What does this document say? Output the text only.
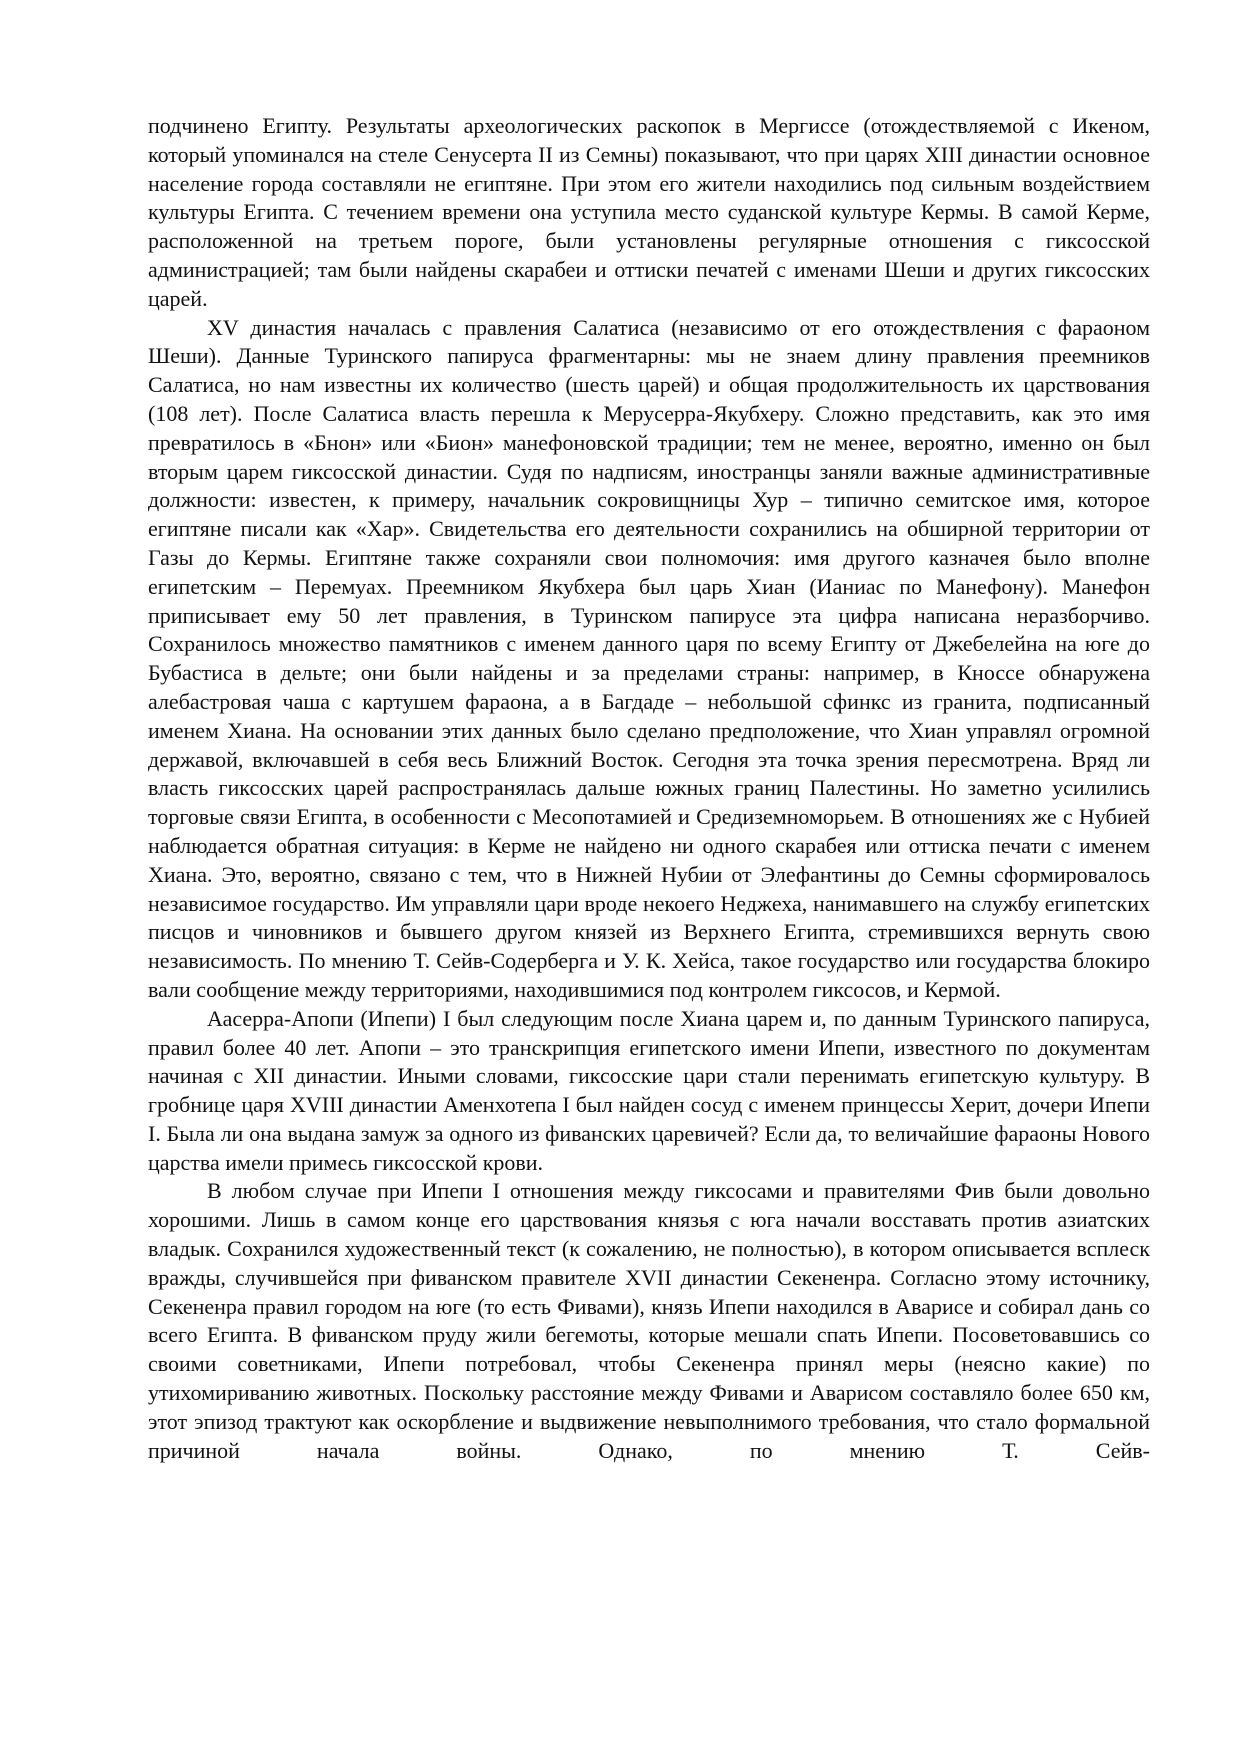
подчинено Египту. Результаты археологических раскопок в Мергиссе (отождествляемой с Икеном, который упоминался на стеле Сенусерта II из Семны) показывают, что при царях XIII династии основное население города составляли не египтяне. При этом его жители находились под сильным воздействием культуры Египта. С течением времени она уступила место суданской культуре Кермы. В самой Керме, расположенной на третьем пороге, были установлены регулярные отношения с гиксосской администрацией; там были найдены скарабеи и оттиски печатей с именами Шеши и других гиксосских царей.

XV династия началась с правления Салатиса (независимо от его отождествления с фараоном Шеши). Данные Туринского папируса фрагментарны: мы не знаем длину правления преемников Салатиса, но нам известны их количество (шесть царей) и общая продолжительность их царствования (108 лет). После Салатиса власть перешла к Мерусерра-Якубхеру. Сложно представить, как это имя превратилось в «Бнон» или «Бион» манефоновской традиции; тем не менее, вероятно, именно он был вторым царем гиксосской династии. Судя по надписям, иностранцы заняли важные административные должности: известен, к примеру, начальник сокровищницы Хур – типично семитское имя, которое египтяне писали как «Хар». Свидетельства его деятельности сохранились на обширной территории от Газы до Кермы. Египтяне также сохраняли свои полномочия: имя другого казначея было вполне египетским – Перемуах. Преемником Якубхера был царь Хиан (Ианиас по Манефону). Манефон приписывает ему 50 лет правления, в Туринском папирусе эта цифра написана неразборчиво. Сохранилось множество памятников с именем данного царя по всему Египту от Джебелейна на юге до Бубастиса в дельте; они были найдены и за пределами страны: например, в Кноссе обнаружена алебастровая чаша с картушем фараона, а в Багдаде – небольшой сфинкс из гранита, подписанный именем Хиана. На основании этих данных было сделано предположение, что Хиан управлял огромной державой, включавшей в себя весь Ближний Восток. Сегодня эта точка зрения пересмотрена. Вряд ли власть гиксосских царей распространялась дальше южных границ Палестины. Но заметно усилились торговые связи Египта, в особенности с Месопотамией и Средиземноморьем. В отношениях же с Нубией наблюдается обратная ситуация: в Керме не найдено ни одного скарабея или оттиска печати с именем Хиана. Это, вероятно, связано с тем, что в Нижней Нубии от Элефантины до Семны сформировалось независимое государство. Им управляли цари вроде некоего Неджеха, нанимавшего на службу египетских писцов и чиновников и бывшего другом князей из Верхнего Египта, стремившихся вернуть свою независимость. По мнению Т. Сейв-Содерберга и У. К. Хейса, такое государство или государства блокиро вали сообщение между территориями, находившимися под контролем гиксосов, и Кермой.

Аасерра-Апопи (Ипепи) I был следующим после Хиана царем и, по данным Туринского папируса, правил более 40 лет. Апопи – это транскрипция египетского имени Ипепи, известного по документам начиная с XII династии. Иными словами, гиксосские цари стали перенимать египетскую культуру. В гробнице царя XVIII династии Аменхотепа I был найден сосуд с именем принцессы Херит, дочери Ипепи I. Была ли она выдана замуж за одного из фиванских царевичей? Если да, то величайшие фараоны Нового царства имели примесь гиксосской крови.

В любом случае при Ипепи I отношения между гиксосами и правителями Фив были довольно хорошими. Лишь в самом конце его царствования князья с юга начали восставать против азиатских владык. Сохранился художественный текст (к сожалению, не полностью), в котором описывается всплеск вражды, случившейся при фиванском правителе XVII династии Секененра. Согласно этому источнику, Секененра правил городом на юге (то есть Фивами), князь Ипепи находился в Аварисе и собирал дань со всего Египта. В фиванском пруду жили бегемоты, которые мешали спать Ипепи. Посоветовавшись со своими советниками, Ипепи потребовал, чтобы Секененра принял меры (неясно какие) по утихомириванию животных. Поскольку расстояние между Фивами и Аварисом составляло более 650 км, этот эпизод трактуют как оскорбление и выдвижение невыполнимого требования, что стало формальной причиной начала войны. Однако, по мнению Т. Сейв-
